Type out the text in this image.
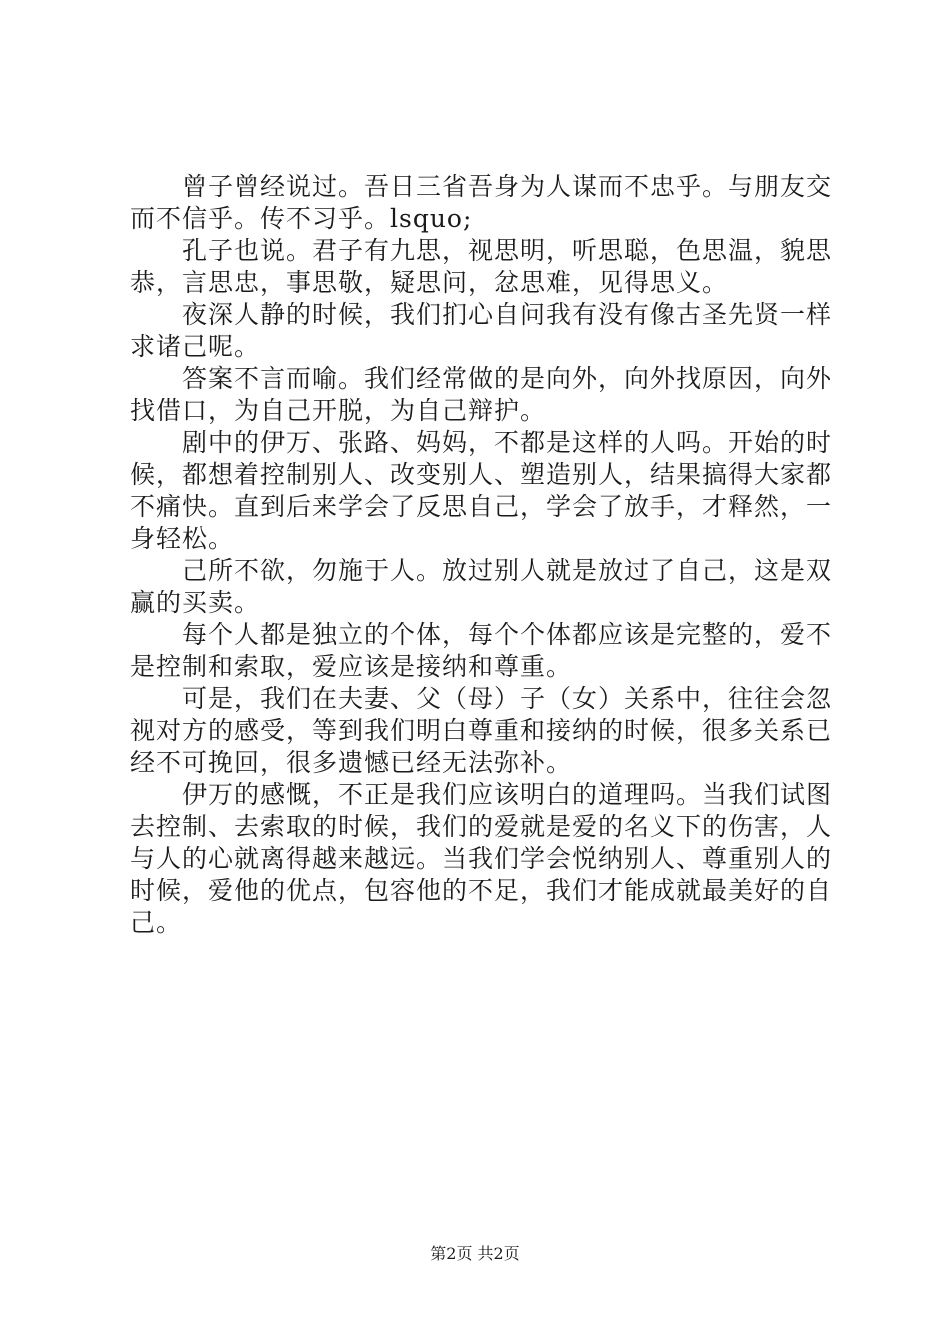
曾子曾经说过。吾日三省吾身为人谋而不忠乎。与朋友交而不信乎。传不习乎。lsquo;

孔子也说。君子有九思，视思明，听思聪，色思温，貌思恭，言思忠，事思敬，疑思问，忿思难，见得思义。

夜深人静的时候，我们扪心自问我有没有像古圣先贤一样求诸己呢。

答案不言而喻。我们经常做的是向外，向外找原因，向外找借口，为自己开脱，为自己辩护。

剧中的伊万、张路、妈妈，不都是这样的人吗。开始的时候，都想着控制别人、改变别人、塑造别人，结果搞得大家都不痛快。直到后来学会了反思自己，学会了放手，才释然，一身轻松。

己所不欲，勿施于人。放过别人就是放过了自己，这是双赢的买卖。

每个人都是独立的个体，每个个体都应该是完整的，爱不是控制和索取，爱应该是接纳和尊重。

可是，我们在夫妻、父（母）子（女）关系中，往往会忽视对方的感受，等到我们明白尊重和接纳的时候，很多关系已经不可挽回，很多遗憾已经无法弥补。

伊万的感慨，不正是我们应该明白的道理吗。当我们试图去控制、去索取的时候，我们的爱就是爱的名义下的伤害，人与人的心就离得越来越远。当我们学会悦纳别人、尊重别人的时候，爱他的优点，包容他的不足，我们才能成就最美好的自己。

第2页 共2页
